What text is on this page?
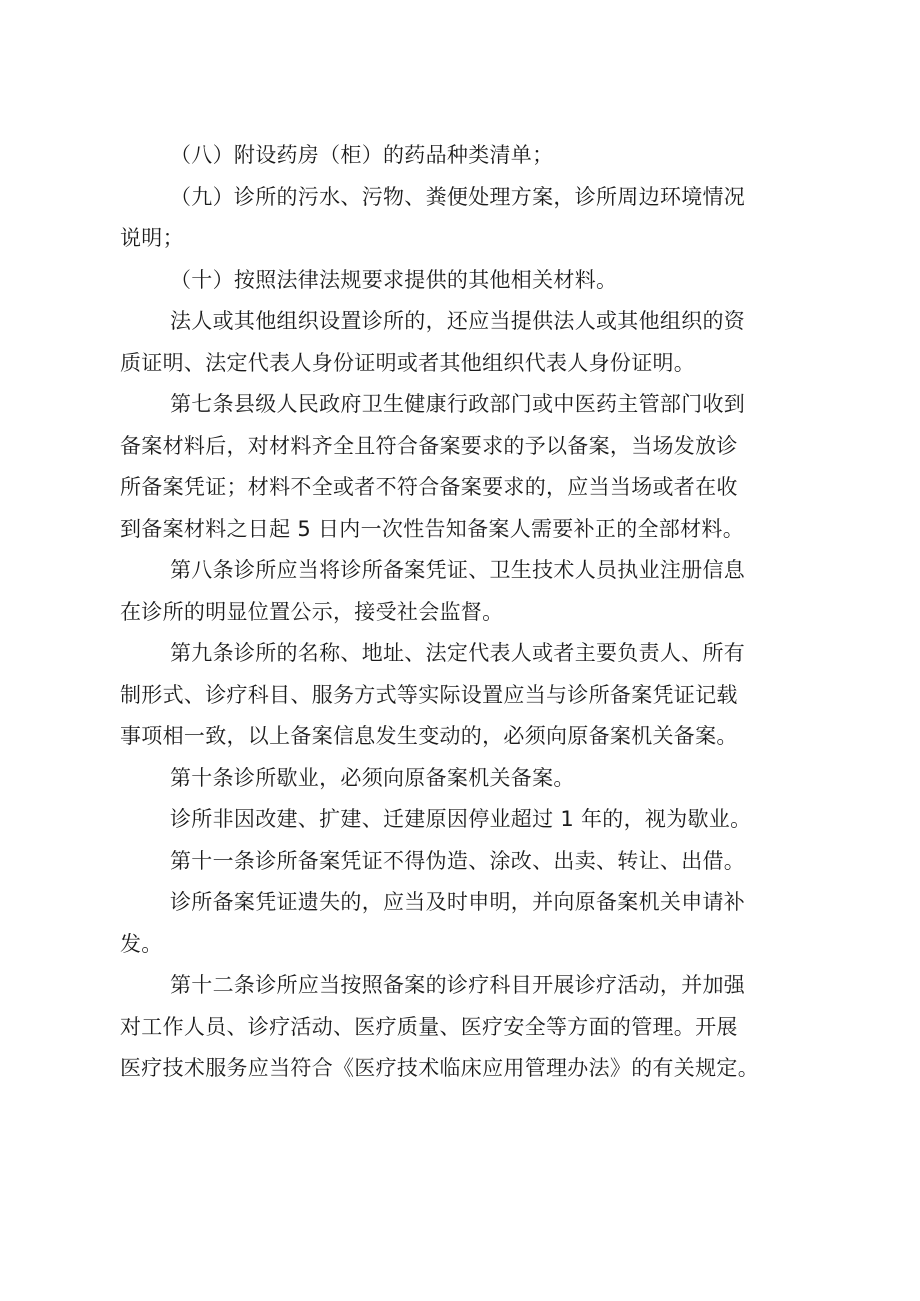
（八）附设药房（柜）的药品种类清单；

（九）诊所的污水、污物、粪便处理方案，诊所周边环境情况
说明；

（十）按照法律法规要求提供的其他相关材料。

法人或其他组织设置诊所的，还应当提供法人或其他组织的资
质证明、法定代表人身份证明或者其他组织代表人身份证明。

第七条县级人民政府卫生健康行政部门或中医药主管部门收到
备案材料后，对材料齐全且符合备案要求的予以备案，当场发放诊
所备案凭证；材料不全或者不符合备案要求的，应当当场或者在收
到备案材料之日起 5 日内一次性告知备案人需要补正的全部材料。

第八条诊所应当将诊所备案凭证、卫生技术人员执业注册信息
在诊所的明显位置公示，接受社会监督。

第九条诊所的名称、地址、法定代表人或者主要负责人、所有
制形式、诊疗科目、服务方式等实际设置应当与诊所备案凭证记载
事项相一致，以上备案信息发生变动的，必须向原备案机关备案。

第十条诊所歇业，必须向原备案机关备案。

诊所非因改建、扩建、迁建原因停业超过 1 年的，视为歇业。

第十一条诊所备案凭证不得伪造、涂改、出卖、转让、出借。

诊所备案凭证遗失的，应当及时申明，并向原备案机关申请补
发。

第十二条诊所应当按照备案的诊疗科目开展诊疗活动，并加强
对工作人员、诊疗活动、医疗质量、医疗安全等方面的管理。开展
医疗技术服务应当符合《医疗技术临床应用管理办法》的有关规定。
